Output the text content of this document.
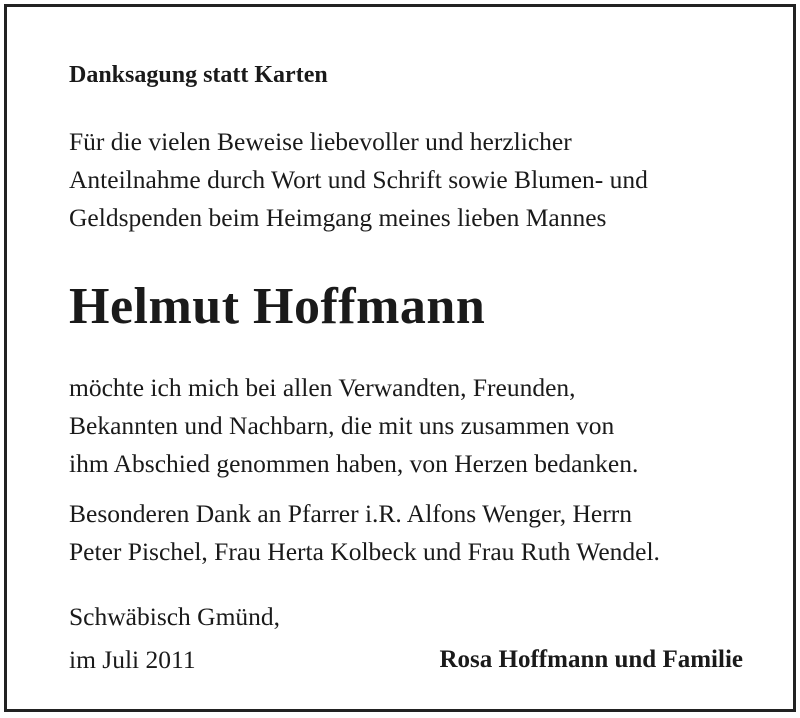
Danksagung statt Karten

Für die vielen Beweise liebevoller und herzlicher
Anteilnahme durch Wort und Schrift sowie Blumen- und
Geldspenden beim Heimgang meines lieben Mannes

Helmut Hoffmann

möchte ich mich bei allen Verwandten, Freunden,
Bekannten und Nachbarn, die mit uns zusammen von
ihm Abschied genommen haben, von Herzen bedanken.

Besonderen Dank an Pfarrer i.R. Alfons Wenger, Herrn
Peter Pischel, Frau Herta Kolbeck und Frau Ruth Wendel.

Schwäbisch Gmünd,

im Juli 2011	Rosa Hoffmann und Familie
